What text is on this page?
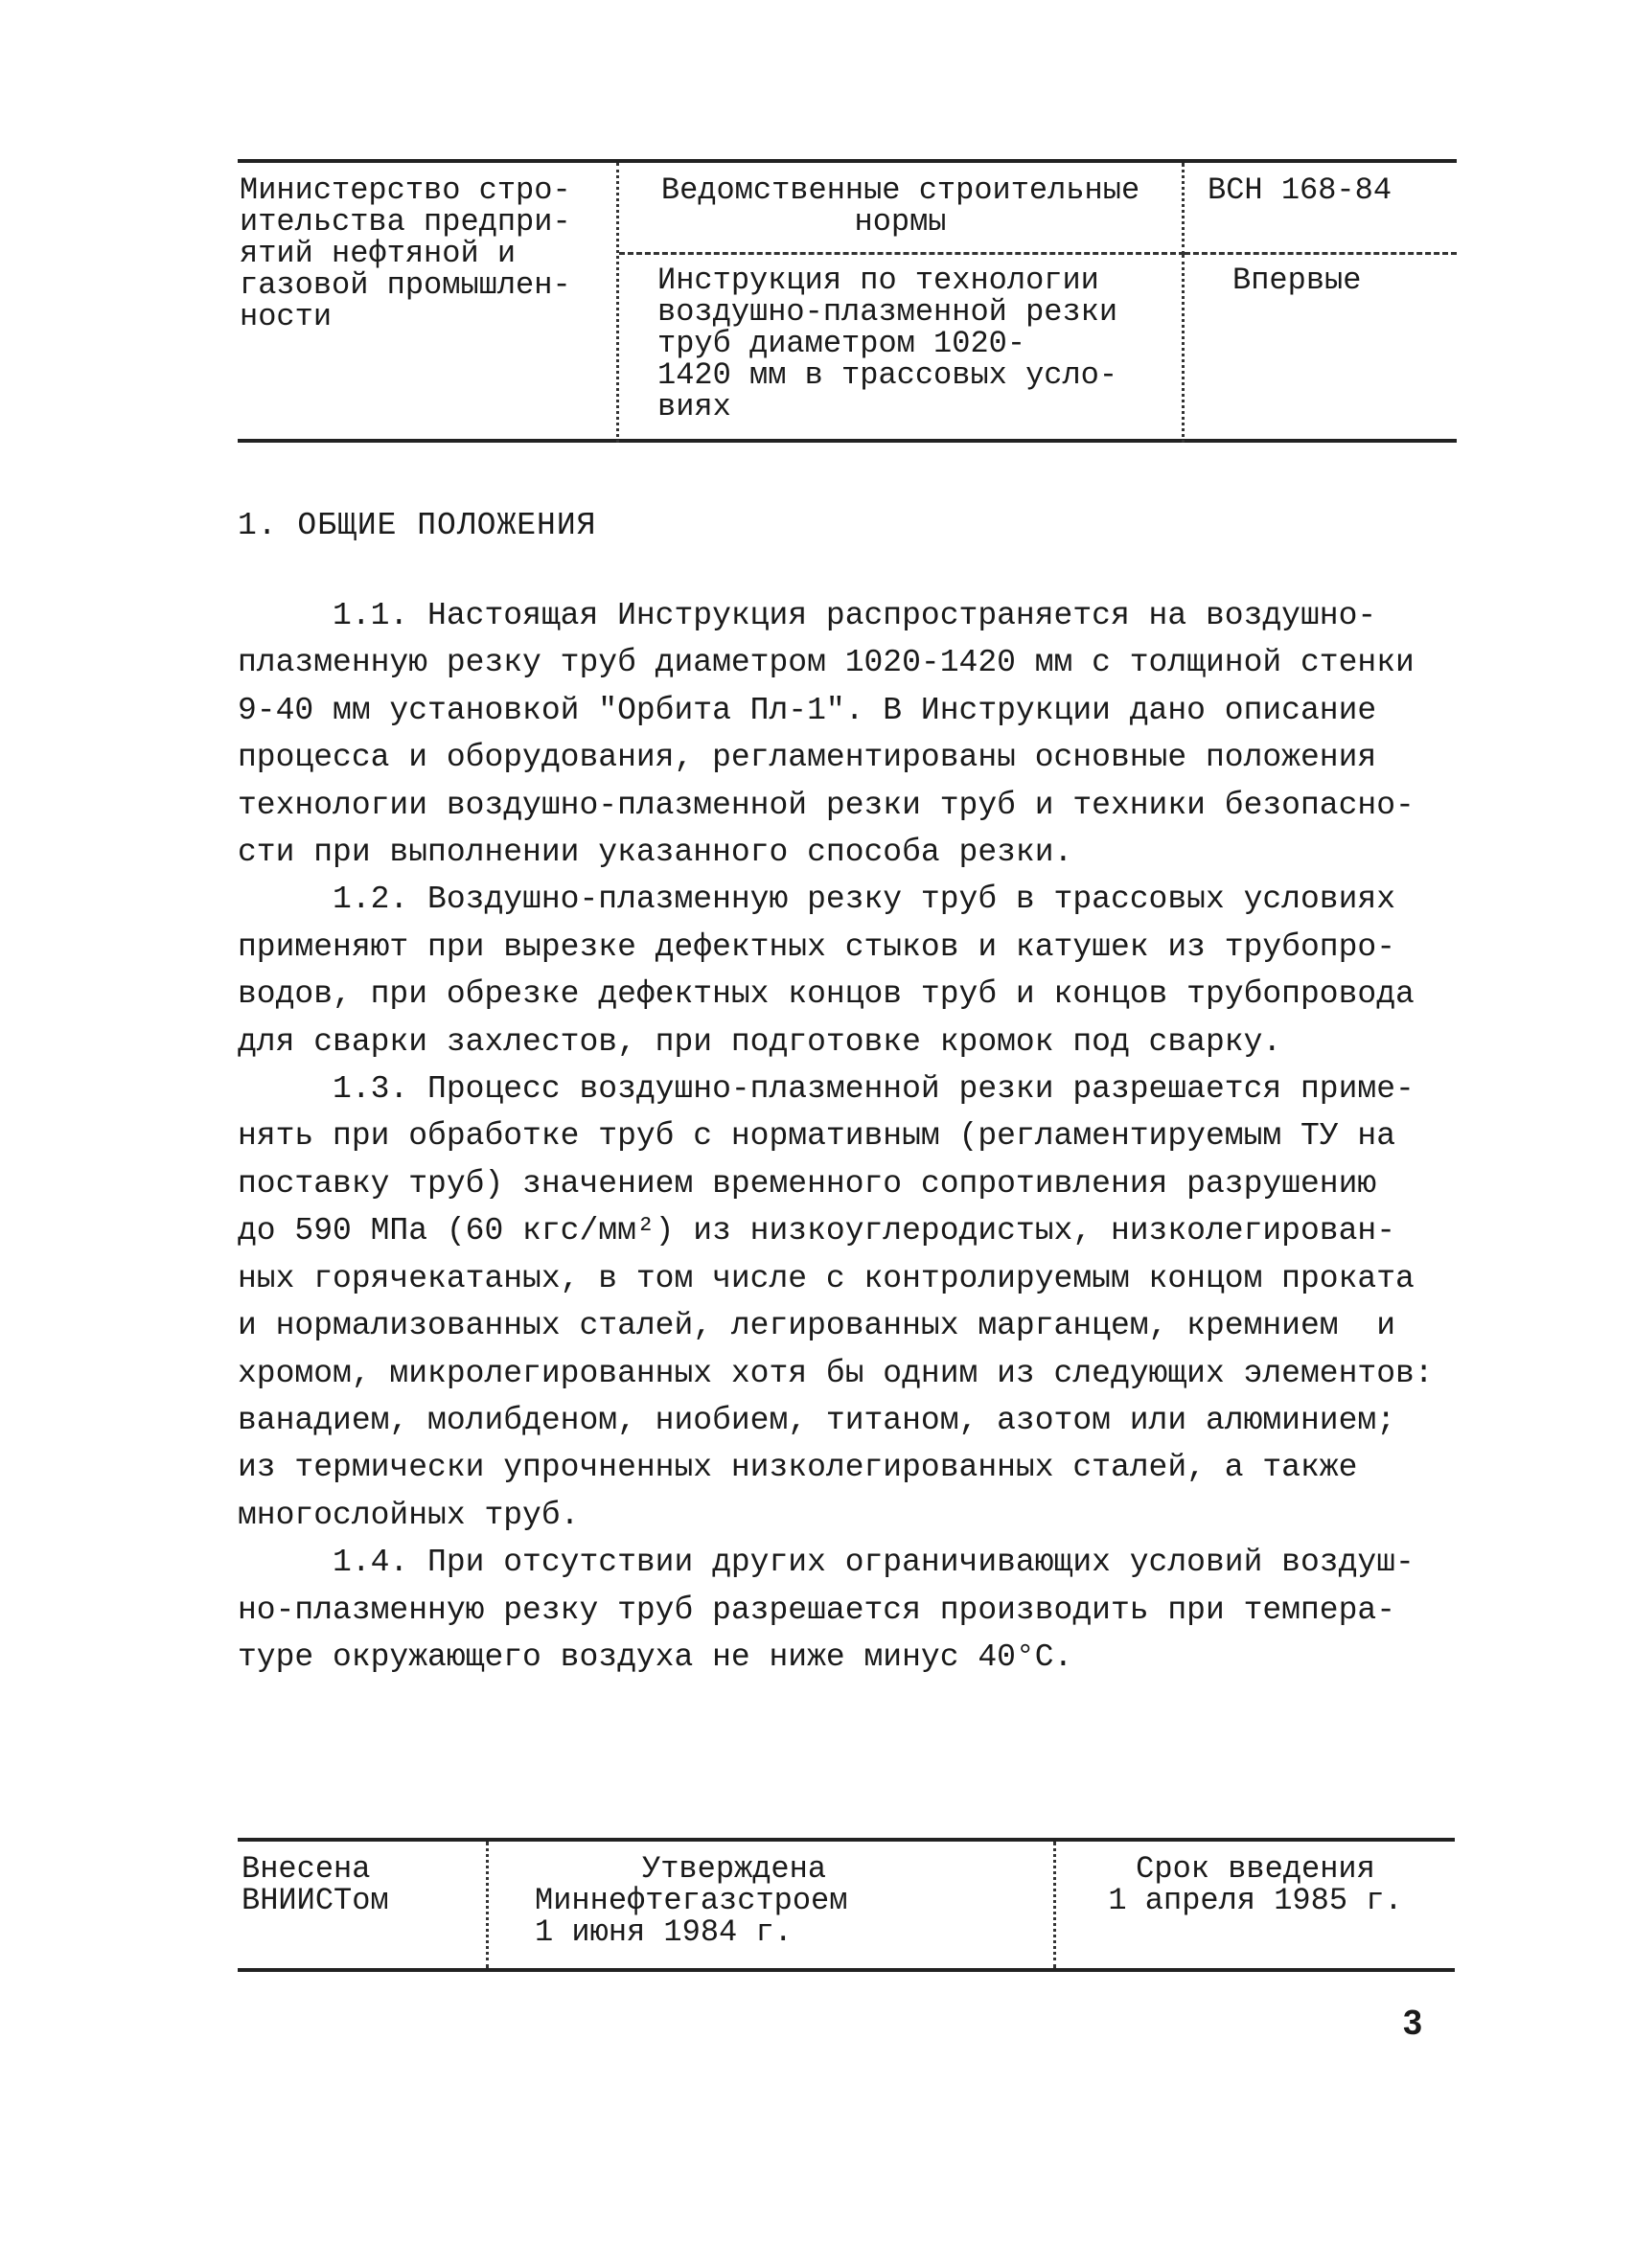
Министерство стро-
ительства предпри-
ятий нефтяной и
газовой промышлен-
ности
Ведомственные строительные
нормы
ВСН 168-84
Инструкция по технологии
воздушно-плазменной резки
труб диаметром 1020-
1420 мм в трассовых усло-
виях
Впервые
1. ОБЩИЕ ПОЛОЖЕНИЯ
1.1. Настоящая Инструкция распространяется на воздушно-
плазменную резку труб диаметром 1020-1420 мм с толщиной стенки
9-40 мм установкой "Орбита Пл-1". В Инструкции дано описание
процесса и оборудования, регламентированы основные положения
технологии воздушно-плазменной резки труб и техники безопасно-
сти при выполнении указанного способа резки.
1.2. Воздушно-плазменную резку труб в трассовых условиях
применяют при вырезке дефектных стыков и катушек из трубопро-
водов, при обрезке дефектных концов труб и концов трубопровода
для сварки захлестов, при подготовке кромок под сварку.
1.3. Процесс воздушно-плазменной резки разрешается приме-
нять при обработке труб с нормативным (регламентируемым ТУ на
поставку труб) значением временного сопротивления разрушению
до 590 МПа (60 кгс/мм²) из низкоуглеродистых, низколегирован-
ных горячекатаных, в том числе с контролируемым концом проката
и нормализованных сталей, легированных марганцем, кремнием  и
хромом, микролегированных хотя бы одним из следующих элементов:
ванадием, молибденом, ниобием, титаном, азотом или алюминием;
из термически упрочненных низколегированных сталей, а также
многослойных труб.
1.4. При отсутствии других ограничивающих условий воздуш-
но-плазменную резку труб разрешается производить при темпера-
туре окружающего воздуха не ниже минус 40°С.
Внесена
ВНИИСТом
Утверждена
Миннефтегазстроем
1 июня 1984 г.
Срок введения
1 апреля 1985 г.
3
